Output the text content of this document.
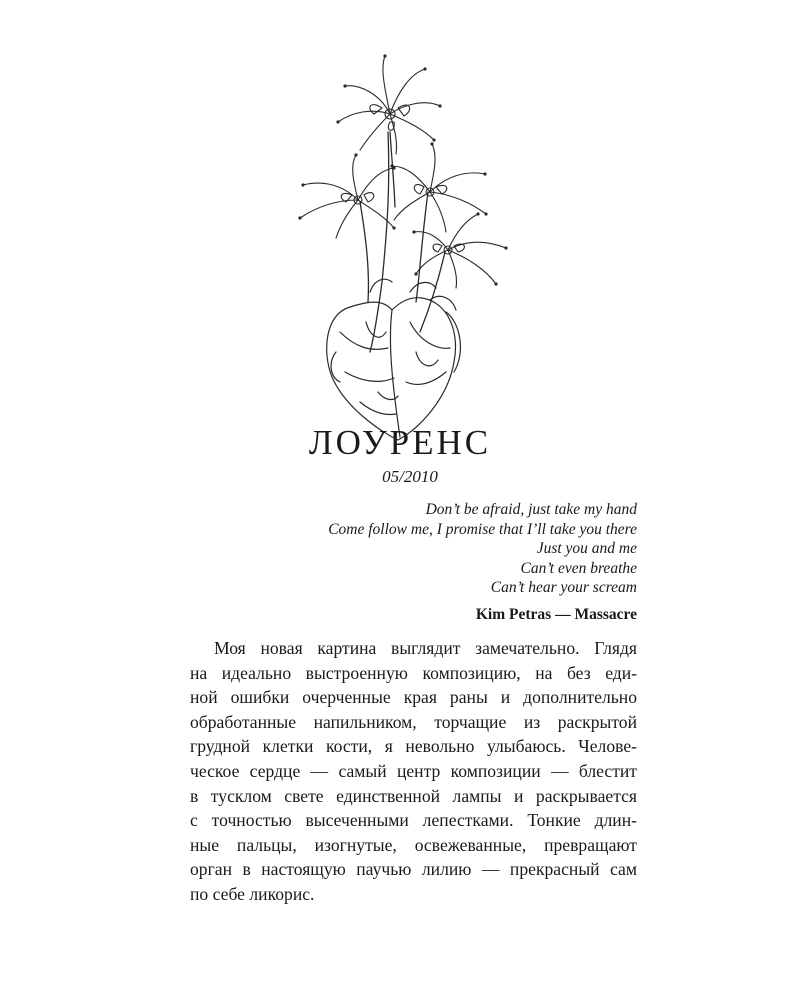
ЛОУРЕНС
05/2010
Don’t be afraid, just take my hand
Come follow me, I promise that I’ll take you there
Just you and me
Can’t even breathe
Can’t hear your scream
Kim Petras — Massacre
Моя новая картина выглядит замечательно. Глядя
на идеально выстроенную композицию, на без еди-
ной ошибки очерченные края раны и дополнительно
обработанные напильником, торчащие из раскрытой
грудной клетки кости, я невольно улыбаюсь. Челове-
ческое сердце — самый центр композиции — блестит
в тусклом свете единственной лампы и раскрывается
с точностью высеченными лепестками. Тонкие длин-
ные пальцы, изогнутые, освежеванные, превращают
орган в настоящую паучью лилию — прекрасный сам
по себе ликорис.
